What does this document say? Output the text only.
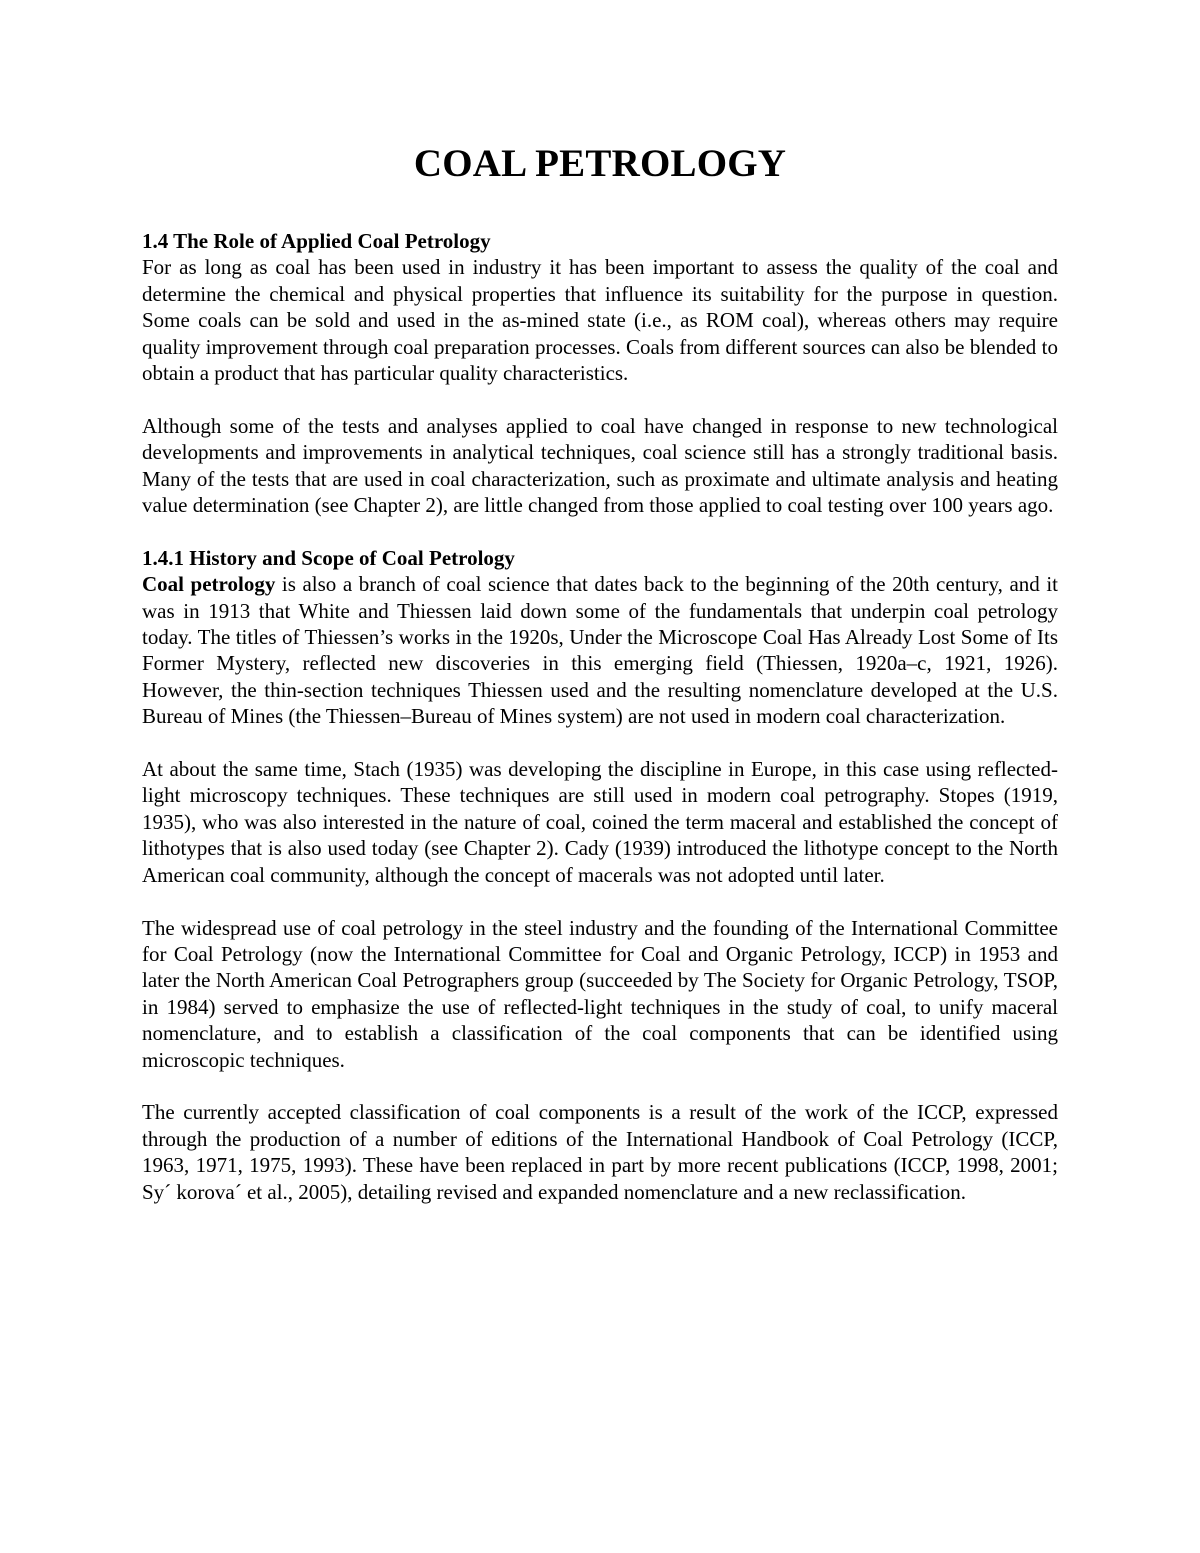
COAL PETROLOGY
1.4 The Role of Applied Coal Petrology

For as long as coal has been used in industry it has been important to assess the quality of the coal and determine the chemical and physical properties that influence its suitability for the purpose in question. Some coals can be sold and used in the as-mined state (i.e., as ROM coal), whereas others may require quality improvement through coal preparation processes. Coals from different sources can also be blended to obtain a product that has particular quality characteristics.

Although some of the tests and analyses applied to coal have changed in response to new technological developments and improvements in analytical techniques, coal science still has a strongly traditional basis. Many of the tests that are used in coal characterization, such as proximate and ultimate analysis and heating value determination (see Chapter 2), are little changed from those applied to coal testing over 100 years ago.

1.4.1 History and Scope of Coal Petrology

Coal petrology is also a branch of coal science that dates back to the beginning of the 20th century, and it was in 1913 that White and Thiessen laid down some of the fundamentals that underpin coal petrology today. The titles of Thiessen’s works in the 1920s, Under the Microscope Coal Has Already Lost Some of Its Former Mystery, reflected new discoveries in this emerging field (Thiessen, 1920a–c, 1921, 1926). However, the thin-section techniques Thiessen used and the resulting nomenclature developed at the U.S. Bureau of Mines (the Thiessen–Bureau of Mines system) are not used in modern coal characterization.

At about the same time, Stach (1935) was developing the discipline in Europe, in this case using reflected-light microscopy techniques. These techniques are still used in modern coal petrography. Stopes (1919, 1935), who was also interested in the nature of coal, coined the term maceral and established the concept of lithotypes that is also used today (see Chapter 2). Cady (1939) introduced the lithotype concept to the North American coal community, although the concept of macerals was not adopted until later.

The widespread use of coal petrology in the steel industry and the founding of the International Committee for Coal Petrology (now the International Committee for Coal and Organic Petrology, ICCP) in 1953 and later the North American Coal Petrographers group (succeeded by The Society for Organic Petrology, TSOP, in 1984) served to emphasize the use of reflected-light techniques in the study of coal, to unify maceral nomenclature, and to establish a classification of the coal components that can be identified using microscopic techniques.

The currently accepted classification of coal components is a result of the work of the ICCP, expressed through the production of a number of editions of the International Handbook of Coal Petrology (ICCP, 1963, 1971, 1975, 1993). These have been replaced in part by more recent publications (ICCP, 1998, 2001; Sy´ korova´ et al., 2005), detailing revised and expanded nomenclature and a new reclassification.
